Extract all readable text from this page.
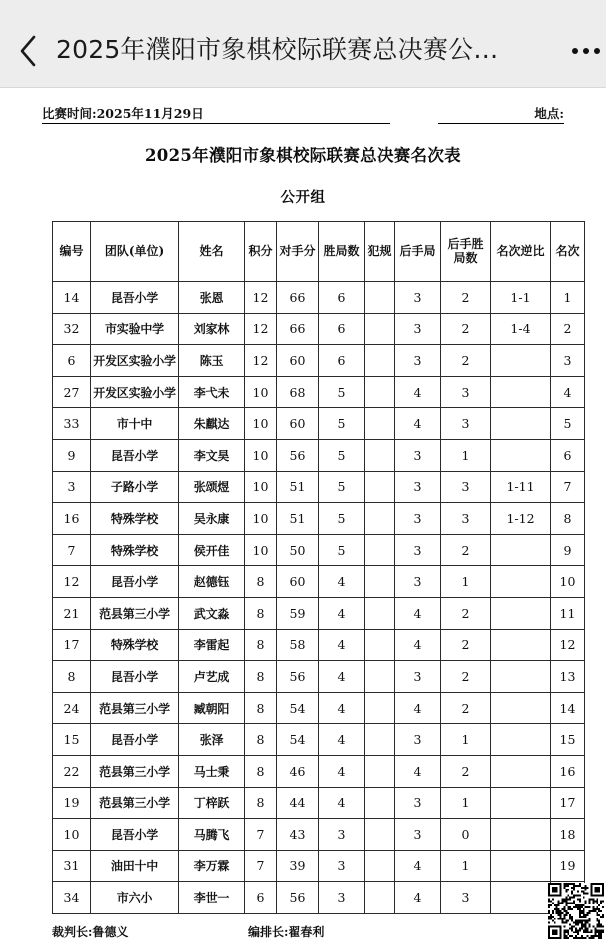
2025年濮阳市象棋校际联赛总决赛公…
比赛时间:2025年11月29日	地点:
2025年濮阳市象棋校际联赛总决赛名次表
公开组
编号	团队(单位)	姓名	积分	对手分	胜局数	犯规	后手局	后手胜局数	名次逆比	名次
14	昆吾小学	张恩	12	66	6		3	2	1-1	1
32	市实验中学	刘家林	12	66	6		3	2	1-4	2
6	开发区实验小学	陈玉	12	60	6		3	2		3
27	开发区实验小学	李弋未	10	68	5		4	3		4
33	市十中	朱麒达	10	60	5		4	3		5
9	昆吾小学	李文昊	10	56	5		3	1		6
3	子路小学	张颂煜	10	51	5		3	3	1-11	7
16	特殊学校	吴永康	10	51	5		3	3	1-12	8
7	特殊学校	侯开佳	10	50	5		3	2		9
12	昆吾小学	赵德钰	8	60	4		3	1		10
21	范县第三小学	武文淼	8	59	4		4	2		11
17	特殊学校	李雷起	8	58	4		4	2		12
8	昆吾小学	卢艺成	8	56	4		3	2		13
24	范县第三小学	臧朝阳	8	54	4		4	2		14
15	昆吾小学	张泽	8	54	4		3	1		15
22	范县第三小学	马士秉	8	46	4		4	2		16
19	范县第三小学	丁梓跃	8	44	4		3	1		17
10	昆吾小学	马腾飞	7	43	3		3	0		18
31	油田十中	李万霖	7	39	3		4	1		19
34	市六小	李世一	6	56	3		4	3		
裁判长:鲁德义	编排长:翟春利
